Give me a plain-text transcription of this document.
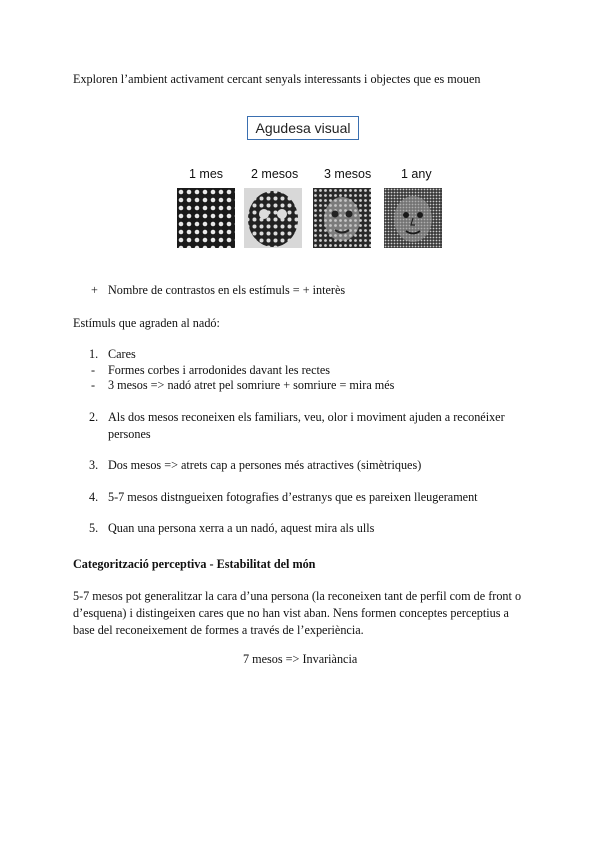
Exploren l’ambient activament cercant senyals interessants i objectes que es mouen
Agudesa visual
1 mes 2 mesos 3 mesos 1 any
+ Nombre de contrastos en els estímuls = + interès
Estímuls que agraden al nadó:
1. Cares
- Formes corbes i arrodonides davant les rectes
- 3 mesos => nadó atret pel somriure + somriure = mira més
2. Als dos mesos reconeixen els familiars, veu, olor i moviment ajuden a reconéixer
persones
3. Dos mesos => atrets cap a persones més atractives (simètriques)
4. 5-7 mesos distngueixen fotografies d’estranys que es pareixen lleugerament
5. Quan una persona xerra a un nadó, aquest mira als ulls
Categorització perceptiva - Estabilitat del món
5-7 mesos pot generalitzar la cara d’una persona (la reconeixen tant de perfil com de front o d’esquena) i distingeixen cares que no han vist aban. Nens formen conceptes perceptius a base del reconeixement de formes a través de l’experiència.
7 mesos => Invariància
